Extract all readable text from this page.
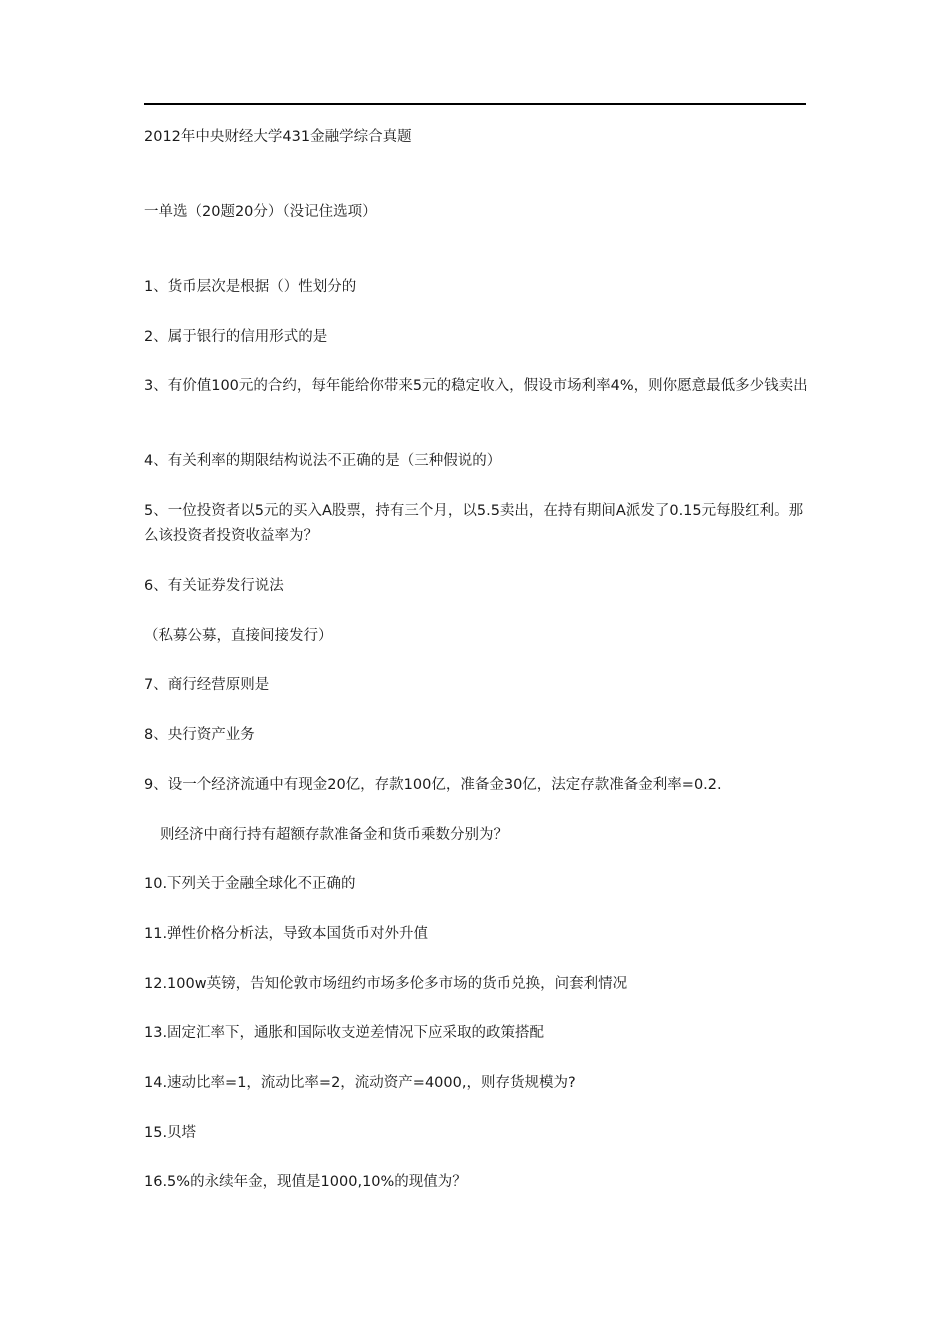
2012年中央财经大学431金融学综合真题
一单选（20题20分）（没记住选项）
1、货币层次是根据（）性划分的
2、属于银行的信用形式的是
3、有价值100元的合约，每年能给你带来5元的稳定收入，假设市场利率4%，则你愿意最低多少钱卖出
4、有关利率的期限结构说法不正确的是（三种假说的）
5、一位投资者以5元的买入A股票，持有三个月，以5.5卖出，在持有期间A派发了0.15元每股红利。那么该投资者投资收益率为？
6、有关证券发行说法
（私募公募，直接间接发行）
7、商行经营原则是
8、央行资产业务
9、设一个经济流通中有现金20亿，存款100亿，准备金30亿，法定存款准备金利率=0.2.
则经济中商行持有超额存款准备金和货币乘数分别为？
10.下列关于金融全球化不正确的
11.弹性价格分析法，导致本国货币对外升值
12.100w英镑，告知伦敦市场纽约市场多伦多市场的货币兑换，问套利情况
13.固定汇率下，通胀和国际收支逆差情况下应采取的政策搭配
14.速动比率=1，流动比率=2，流动资产=4000,，则存货规模为?
15.贝塔
16.5%的永续年金，现值是1000,10%的现值为？
